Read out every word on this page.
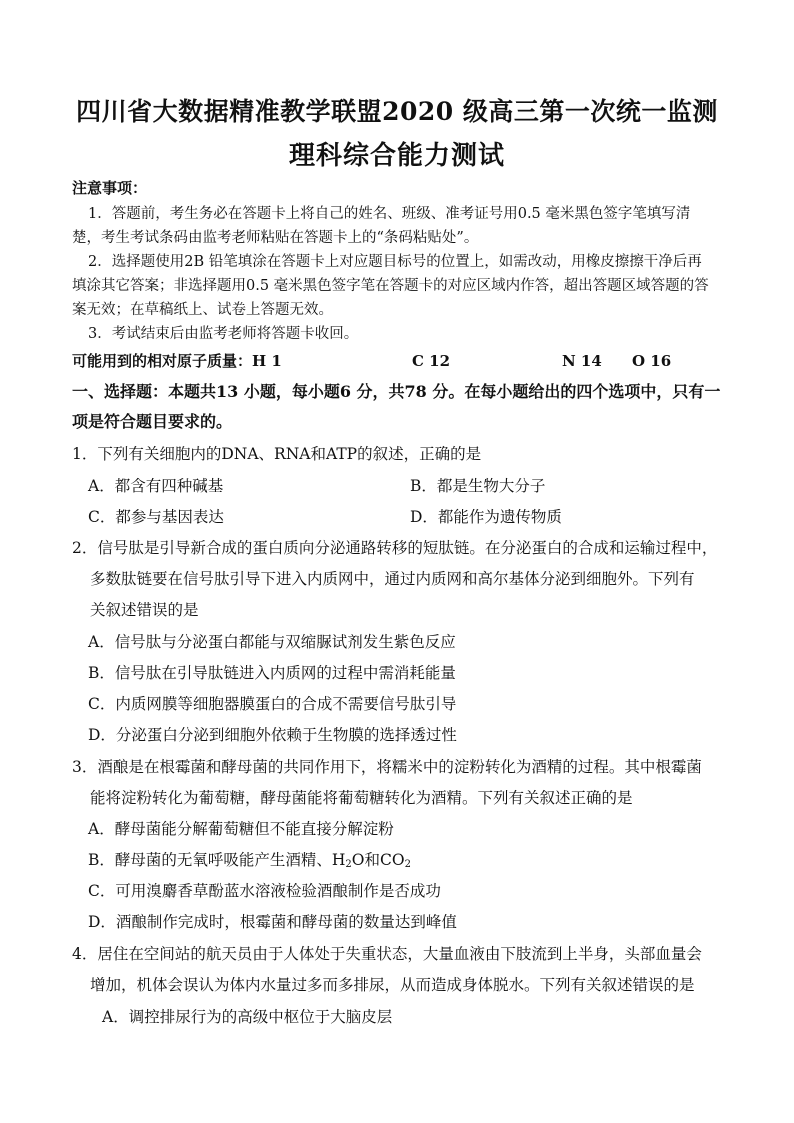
四川省大数据精准教学联盟2020 级高三第一次统一监测
理科综合能力测试
注意事项：
1．答题前，考生务必在答题卡上将自己的姓名、班级、准考证号用0.5 毫米黑色签字笔填写清
楚，考生考试条码由监考老师粘贴在答题卡上的“条码粘贴处”。
2．选择题使用2B 铅笔填涂在答题卡上对应题目标号的位置上，如需改动，用橡皮擦擦干净后再
填涂其它答案；非选择题用0.5 毫米黑色签字笔在答题卡的对应区域内作答，超出答题区域答题的答
案无效；在草稿纸上、试卷上答题无效。
3．考试结束后由监考老师将答题卡收回。
可能用到的相对原子质量：H 1	C 12	N 14 O 16
一、选择题：本题共13 小题，每小题6 分，共78 分。在每小题给出的四个选项中，只有一
项是符合题目要求的。
1．下列有关细胞内的DNA、RNA和ATP的叙述，正确的是
A．都含有四种碱基	B．都是生物大分子
C．都参与基因表达	D．都能作为遗传物质
2．信号肽是引导新合成的蛋白质向分泌通路转移的短肽链。在分泌蛋白的合成和运输过程中，
多数肽链要在信号肽引导下进入内质网中，通过内质网和高尔基体分泌到细胞外。下列有
关叙述错误的是
A．信号肽与分泌蛋白都能与双缩脲试剂发生紫色反应
B．信号肽在引导肽链进入内质网的过程中需消耗能量
C．内质网膜等细胞器膜蛋白的合成不需要信号肽引导
D．分泌蛋白分泌到细胞外依赖于生物膜的选择透过性
3．酒酿是在根霉菌和酵母菌的共同作用下，将糯米中的淀粉转化为酒精的过程。其中根霉菌
能将淀粉转化为葡萄糖，酵母菌能将葡萄糖转化为酒精。下列有关叙述正确的是
A．酵母菌能分解葡萄糖但不能直接分解淀粉
B．酵母菌的无氧呼吸能产生酒精、$H_2O$和$CO_2$
C．可用溴麝香草酚蓝水溶液检验酒酿制作是否成功
D．酒酿制作完成时，根霉菌和酵母菌的数量达到峰值
4．居住在空间站的航天员由于人体处于失重状态，大量血液由下肢流到上半身，头部血量会
增加，机体会误认为体内水量过多而多排尿，从而造成身体脱水。下列有关叙述错误的是
A．调控排尿行为的高级中枢位于大脑皮层
